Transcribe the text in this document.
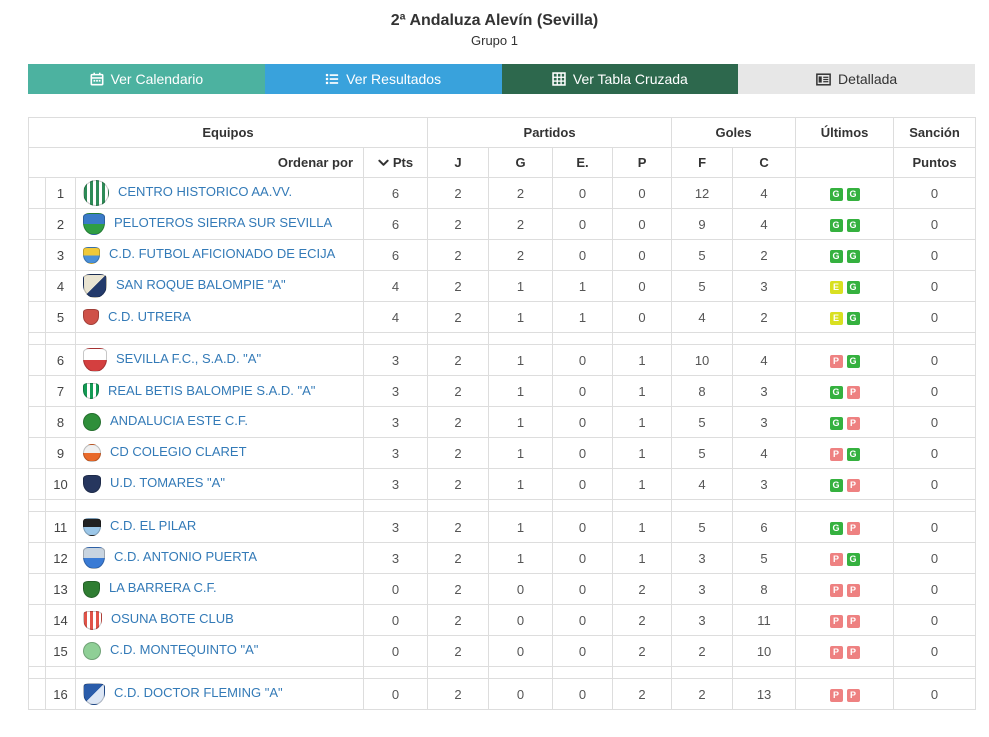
2ª Andaluza Alevín (Sevilla)
Grupo 1
Ver Calendario	Ver Resultados	Ver Tabla Cruzada	Detallada
Equipos				Partidos				Goles		Últimos	Sanción
Ordenar por			Pts	J	G	E.	P	F	C		Puntos
	1	CENTRO HISTORICO AA.VV.	6	2	2	0	0	12	4	G G	0
	2	PELOTEROS SIERRA SUR SEVILLA	6	2	2	0	0	9	4	G G	0
	3	C.D. FUTBOL AFICIONADO DE ECIJA	6	2	2	0	0	5	2	G G	0
	4	SAN ROQUE BALOMPIE "A"	4	2	1	1	0	5	3	E G	0
	5	C.D. UTRERA	4	2	1	1	0	4	2	E G	0

	6	SEVILLA F.C., S.A.D. "A"	3	2	1	0	1	10	4	P G	0
	7	REAL BETIS BALOMPIE S.A.D. "A"	3	2	1	0	1	8	3	G P	0
	8	ANDALUCIA ESTE C.F.	3	2	1	0	1	5	3	G P	0
	9	CD COLEGIO CLARET	3	2	1	0	1	5	4	P G	0
	10	U.D. TOMARES "A"	3	2	1	0	1	4	3	G P	0

	11	C.D. EL PILAR	3	2	1	0	1	5	6	G P	0
	12	C.D. ANTONIO PUERTA	3	2	1	0	1	3	5	P G	0
	13	LA BARRERA C.F.	0	2	0	0	2	3	8	P P	0
	14	OSUNA BOTE CLUB	0	2	0	0	2	3	11	P P	0
	15	C.D. MONTEQUINTO "A"	0	2	0	0	2	2	10	P P	0

	16	C.D. DOCTOR FLEMING "A"	0	2	0	0	2	2	13	P P	0
